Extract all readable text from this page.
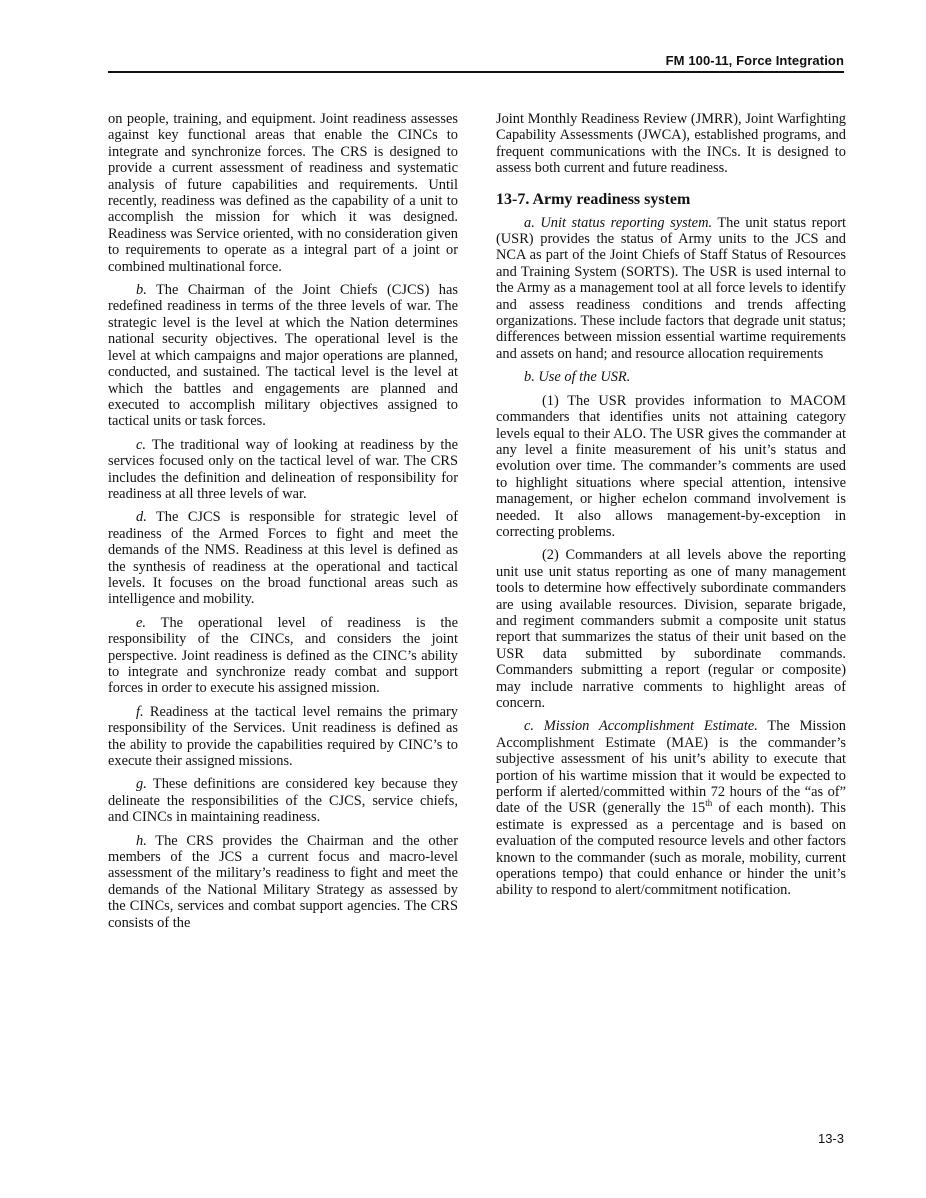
FM 100-11, Force Integration

on people, training, and equipment. Joint readiness assesses against key functional areas that enable the CINCs to integrate and synchronize forces. The CRS is designed to provide a current assessment of readiness and systematic analysis of future capabilities and requirements. Until recently, readiness was defined as the capability of a unit to accomplish the mission for which it was designed. Readiness was Service oriented, with no consideration given to requirements to operate as a integral part of a joint or combined multinational force.

b. The Chairman of the Joint Chiefs (CJCS) has redefined readiness in terms of the three levels of war. The strategic level is the level at which the Nation determines national security objectives. The operational level is the level at which campaigns and major operations are planned, conducted, and sustained. The tactical level is the level at which the battles and engagements are planned and executed to accomplish military objectives assigned to tactical units or task forces.

c. The traditional way of looking at readiness by the services focused only on the tactical level of war. The CRS includes the definition and delineation of responsibility for readiness at all three levels of war.

d. The CJCS is responsible for strategic level of readiness of the Armed Forces to fight and meet the demands of the NMS. Readiness at this level is defined as the synthesis of readiness at the operational and tactical levels. It focuses on the broad functional areas such as intelligence and mobility.

e. The operational level of readiness is the responsibility of the CINCs, and considers the joint perspective. Joint readiness is defined as the CINC’s ability to integrate and synchronize ready combat and support forces in order to execute his assigned mission.

f. Readiness at the tactical level remains the primary responsibility of the Services. Unit readiness is defined as the ability to provide the capabilities required by CINC’s to execute their assigned missions.

g. These definitions are considered key because they delineate the responsibilities of the CJCS, service chiefs, and CINCs in maintaining readiness.

h. The CRS provides the Chairman and the other members of the JCS a current focus and macro-level assessment of the military’s readiness to fight and meet the demands of the National Military Strategy as assessed by the CINCs, services and combat support agencies. The CRS consists of the

Joint Monthly Readiness Review (JMRR), Joint Warfighting Capability Assessments (JWCA), established programs, and frequent communications with the INCs. It is designed to assess both current and future readiness.

13-7. Army readiness system

a. Unit status reporting system. The unit status report (USR) provides the status of Army units to the JCS and NCA as part of the Joint Chiefs of Staff Status of Resources and Training System (SORTS). The USR is used internal to the Army as a management tool at all force levels to identify and assess readiness conditions and trends affecting organizations. These include factors that degrade unit status; differences between mission essential wartime requirements and assets on hand; and resource allocation requirements

b. Use of the USR.

(1) The USR provides information to MACOM commanders that identifies units not attaining category levels equal to their ALO. The USR gives the commander at any level a finite measurement of his unit’s status and evolution over time. The commander’s comments are used to highlight situations where special attention, intensive management, or higher echelon command involvement is needed. It also allows management-by-exception in correcting problems.

(2) Commanders at all levels above the reporting unit use unit status reporting as one of many management tools to determine how effectively subordinate commanders are using available resources. Division, separate brigade, and regiment commanders submit a composite unit status report that summarizes the status of their unit based on the USR data submitted by subordinate commands. Commanders submitting a report (regular or composite) may include narrative comments to highlight areas of concern.

c. Mission Accomplishment Estimate. The Mission Accomplishment Estimate (MAE) is the commander’s subjective assessment of his unit’s ability to execute that portion of his wartime mission that it would be expected to perform if alerted/committed within 72 hours of the “as of” date of the USR (generally the 15th of each month). This estimate is expressed as a percentage and is based on evaluation of the computed resource levels and other factors known to the commander (such as morale, mobility, current operations tempo) that could enhance or hinder the unit’s ability to respond to alert/commitment notification.

13-3
